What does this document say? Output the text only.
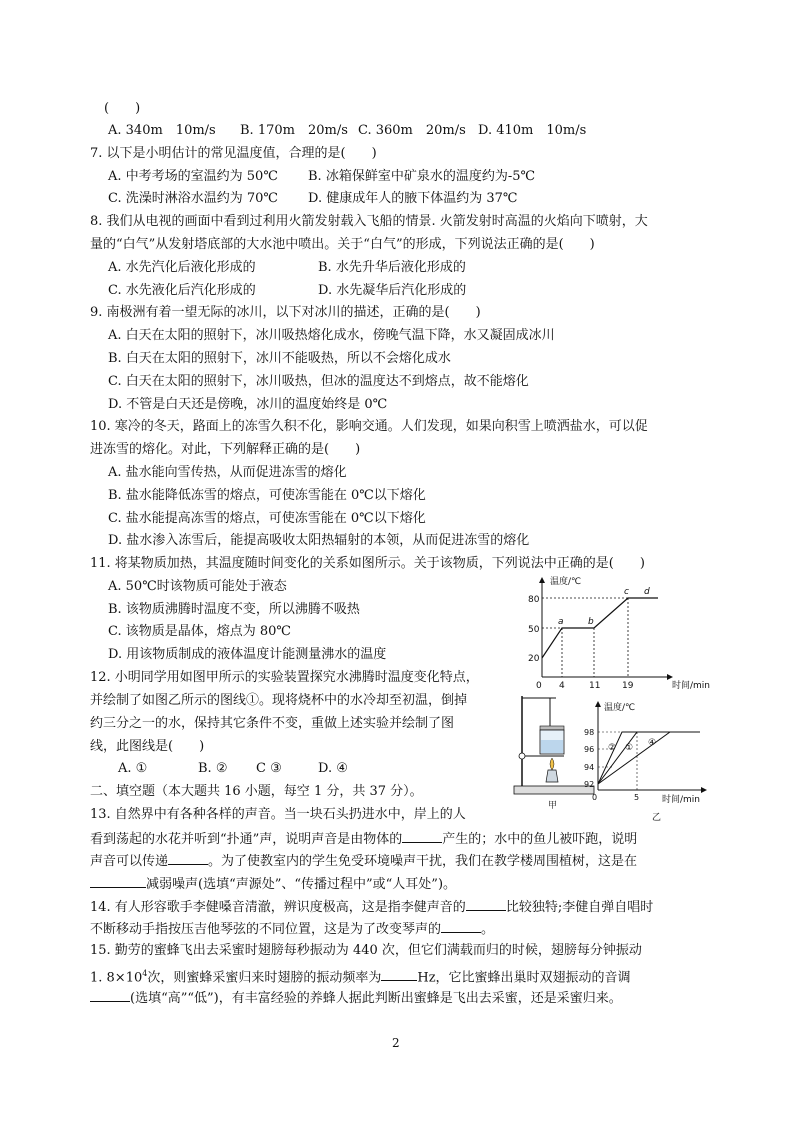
(　　)
A. 340m　10m/s B. 170m　20m/s C. 360m　20m/s D. 410m　10m/s
7. 以下是小明估计的常见温度值，合理的是(　　)
A. 中考考场的室温约为 50℃ B. 冰箱保鲜室中矿泉水的温度约为-5℃
C. 洗澡时淋浴水温约为 70℃ D. 健康成年人的腋下体温约为 37℃
8. 我们从电视的画面中看到过利用火箭发射载入飞船的情景. 火箭发射时高温的火焰向下喷射，大
量的“白气”从发射塔底部的大水池中喷出。关于“白气”的形成，下列说法正确的是(　　)
A. 水先汽化后液化形成的	B. 水先升华后液化形成的
C. 水先液化后汽化形成的	D. 水先凝华后汽化形成的
9. 南极洲有着一望无际的冰川，以下对冰川的描述，正确的是(　　)
A. 白天在太阳的照射下，冰川吸热熔化成水，傍晚气温下降，水又凝固成冰川
B. 白天在太阳的照射下，冰川不能吸热，所以不会熔化成水
C. 白天在太阳的照射下，冰川吸热，但冰的温度达不到熔点，故不能熔化
D. 不管是白天还是傍晚，冰川的温度始终是 0℃
10. 寒冷的冬天，路面上的冻雪久积不化，影响交通。人们发现，如果向积雪上喷洒盐水，可以促
进冻雪的熔化。对此，下列解释正确的是(　　)
A. 盐水能向雪传热，从而促进冻雪的熔化
B. 盐水能降低冻雪的熔点，可使冻雪能在 0℃以下熔化
C. 盐水能提高冻雪的熔点，可使冻雪能在 0℃以下熔化
D. 盐水渗入冻雪后，能提高吸收太阳热辐射的本领，从而促进冻雪的熔化
11. 将某物质加热，其温度随时间变化的关系如图所示。关于该物质，下列说法中正确的是(　　)
A. 50℃时该物质可能处于液态
B. 该物质沸腾时温度不变，所以沸腾不吸热
C. 该物质是晶体，熔点为 80℃
D. 用该物质制成的液体温度计能测量沸水的温度
温度/℃
时间/min
80
50
20
0 4	11 19
a	b
c d
12. 小明同学用如图甲所示的实验装置探究水沸腾时温度变化特点，
并绘制了如图乙所示的图线①。现将烧杯中的水冷却至初温，倒掉
约三分之一的水，保持其它条件不变，重做上述实验并绘制了图
线，此图线是(　　)
A. ①	B. ② C ③	D. ④
甲
温度/℃
时间/min
98
96
94
92
0	5
② ① ④
乙
二、填空题（本大题共 16 小题，每空 1 分，共 37 分）。
13. 自然界中有各种各样的声音。当一块石头扔进水中，岸上的人
看到荡起的水花并听到“扑通”声，说明声音是由物体的	产生的；水中的鱼儿被吓跑，说明
声音可以传递	。为了使教室内的学生免受环境噪声干扰，我们在教学楼周围植树，这是在
减弱噪声(选填“声源处”、“传播过程中”或“人耳处”)。
14. 有人形容歌手李健嗓音清澈，辨识度极高，这是指李健声音的	比较独特;李健自弹自唱时
不断移动手指按压吉他琴弦的不同位置，这是为了改变琴声的	。
15. 勤劳的蜜蜂飞出去采蜜时翅膀每秒振动为 440 次，但它们满载而归的时候，翅膀每分钟振动
1. $8\times 10^4$次，则蜜蜂采蜜归来时翅膀的振动频率为	Hz，它比蜜蜂出巢时双翅振动的音调
(选填“高”“低”)，有丰富经验的养蜂人据此判断出蜜蜂是飞出去采蜜，还是采蜜归来。
2
